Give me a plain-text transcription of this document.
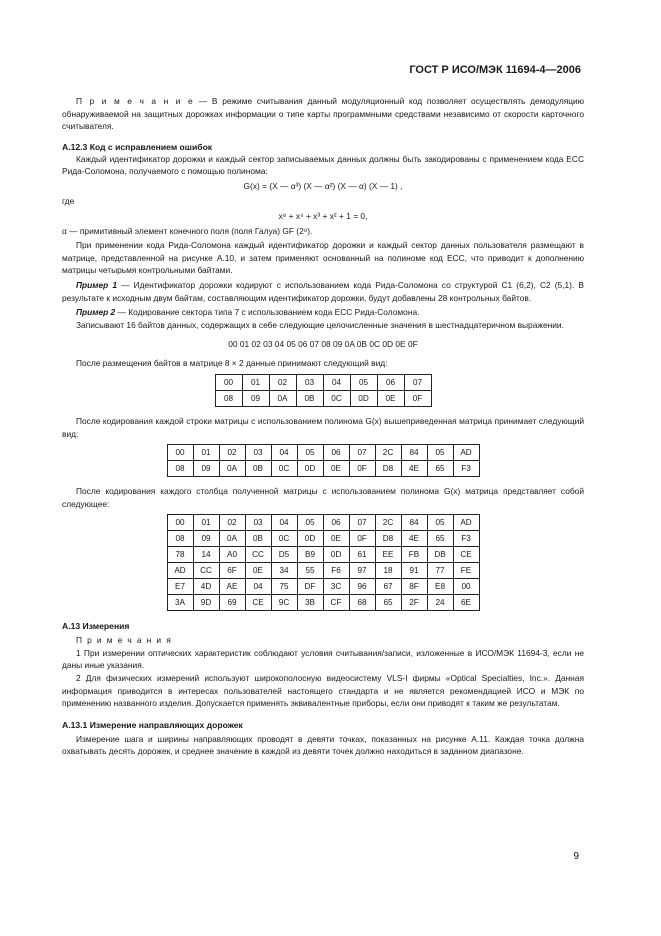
ГОСТ Р ИСО/МЭК 11694-4—2006

П р и м е ч а н и е — В режиме считывания данный модуляционный код позволяет осуществлять демодуляцию обнаруживаемой на защитных дорожках информации о типе карты программными средствами независимо от скорости карточного считывателя.

А.12.3 Код с исправлением ошибок

Каждый идентификатор дорожки и каждый сектор записываемых данных должны быть закодированы с применением кода ЕСС Рида-Соломона, получаемого с помощью полинома:

G(x) = (X — α³) (X — α²) (X — α) (X — 1) ,

где

x⁸ + x⁴ + x³ + x² + 1 = 0,

α — примитивный элемент конечного поля (поля Галуа) GF (2⁸).

При применении кода Рида-Соломона каждый идентификатор дорожки и каждый сектор данных пользователя размещают в матрице, представленной на рисунке А.10, и затем применяют основанный на полиноме код ЕСС, что приводит к дополнению матрицы четырьмя контрольными байтами.

Пример 1 — Идентификатор дорожки кодируют с использованием кода Рида-Соломона со структурой С1 (6,2), С2 (5,1). В результате к исходным двум байтам, составляющим идентификатор дорожки, будут добавлены 28 контрольных байтов.

Пример 2 — Кодирование сектора типа 7 с использованием кода ЕСС Рида-Соломона.

Записывают 16 байтов данных, содержащих в себе следующие целочисленные значения в шестнадцатеричном выражении.

00 01 02 03 04 05 06 07 08 09 0A 0B 0C 0D 0E 0F

После размещения байтов в матрице 8 × 2 данные принимают следующий вид:

00	01	02	03	04	05	06	07
08	09	0A	0B	0C	0D	0E	0F

После кодирования каждой строки матрицы с использованием полинома G(x) вышеприведенная матрица принимает следующий вид:

00	01	02	03	04	05	06	07	2C	84	05	AD
08	09	0A	0B	0C	0D	0E	0F	D8	4E	65	F3

После кодирования каждого столбца полученной матрицы с использованием полинома G(x) матрица представляет собой следующее:

00	01	02	03	04	05	06	07	2C	84	05	AD
08	09	0A	0B	0C	0D	0E	0F	D8	4E	65	F3
78	14	A0	CC	D5	B9	0D	61	EE	FB	DB	CE
AD	CC	6F	0E	34	55	F6	97	18	91	77	FE
E7	4D	AE	04	75	DF	3C	96	67	8F	E8	00
3A	9D	69	CE	9C	3B	CF	68	65	2F	24	6E
А.13 Измерения

П р и м е ч а н и я

1 При измерении оптических характеристик соблюдают условия считывания/записи, изложенные в ИСО/МЭК 11694-3, если не даны иные указания.

2 Для физических измерений используют широкополосную видеосистему VLS-I фирмы «Optical Specialties, Inc.». Данная информация приводится в интересах пользователей настоящего стандарта и не является рекомендацией ИСО и МЭК по применению названного изделия. Допускается применять эквивалентные приборы, если они приводят к таким же результатам.

А.13.1 Измерение направляющих дорожек

Измерение шага и ширины направляющих проводят в девяти точках, показанных на рисунке А.11. Каждая точка должна охватывать десять дорожек, и среднее значение в каждой из девяти точек должно находиться в заданном диапазоне.

9
